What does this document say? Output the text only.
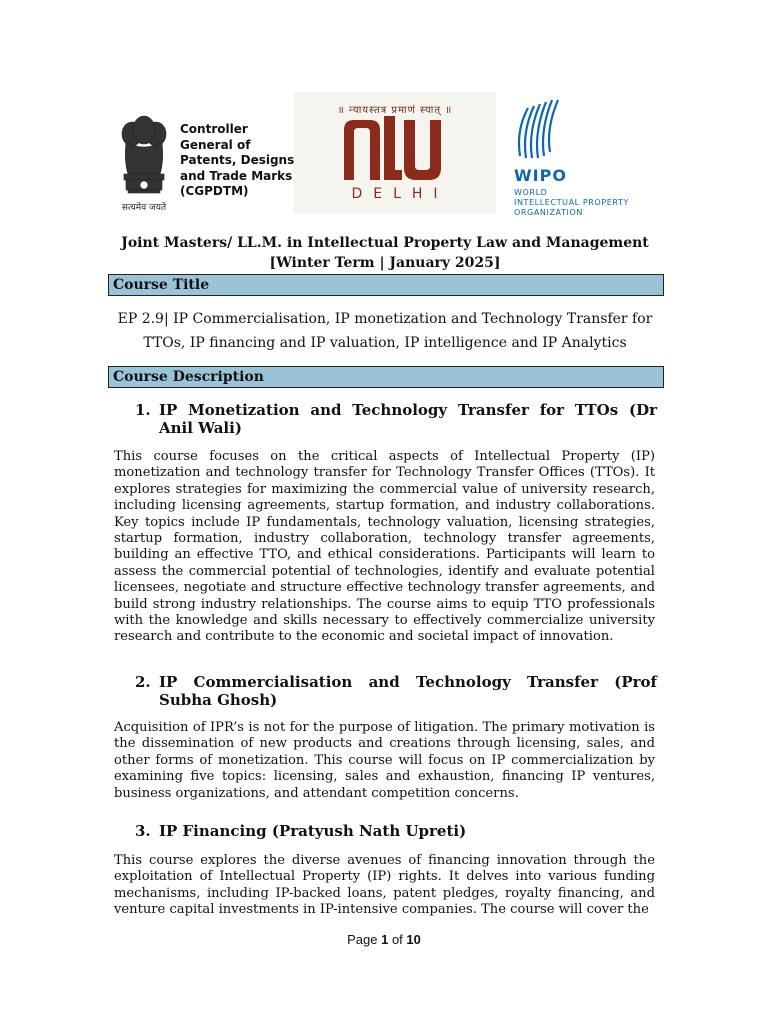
सत्यमेव जयते
Controller
General of
Patents, Designs
and Trade Marks
(CGPDTM)
॥ न्यायस्तत्र प्रमाणं स्यात् ॥
DELHI
WIPO
WORLD
INTELLECTUAL PROPERTY
ORGANIZATION
Joint Masters/ LL.M. in Intellectual Property Law and Management
[Winter Term | January 2025]
Course Title
EP 2.9| IP Commercialisation, IP monetization and Technology Transfer for
TTOs, IP financing and IP valuation, IP intelligence and IP Analytics
Course Description
1. IP Monetization and Technology Transfer for TTOs (Dr Anil Wali)
This course focuses on the critical aspects of Intellectual Property (IP) monetization and technology transfer for Technology Transfer Offices (TTOs). It explores strategies for maximizing the commercial value of university research, including licensing agreements, startup formation, and industry collaborations. Key topics include IP fundamentals, technology valuation, licensing strategies, startup formation, industry collaboration, technology transfer agreements, building an effective TTO, and ethical considerations. Participants will learn to assess the commercial potential of technologies, identify and evaluate potential licensees, negotiate and structure effective technology transfer agreements, and build strong industry relationships. The course aims to equip TTO professionals with the knowledge and skills necessary to effectively commercialize university research and contribute to the economic and societal impact of innovation.
2. IP Commercialisation and Technology Transfer (Prof Subha Ghosh)
Acquisition of IPR’s is not for the purpose of litigation. The primary motivation is the dissemination of new products and creations through licensing, sales, and other forms of monetization. This course will focus on IP commercialization by examining five topics: licensing, sales and exhaustion, financing IP ventures, business organizations, and attendant competition concerns.
3. IP Financing (Pratyush Nath Upreti)
This course explores the diverse avenues of financing innovation through the exploitation of Intellectual Property (IP) rights. It delves into various funding mechanisms, including IP-backed loans, patent pledges, royalty financing, and venture capital investments in IP-intensive companies. The course will cover the
Page 1 of 10
